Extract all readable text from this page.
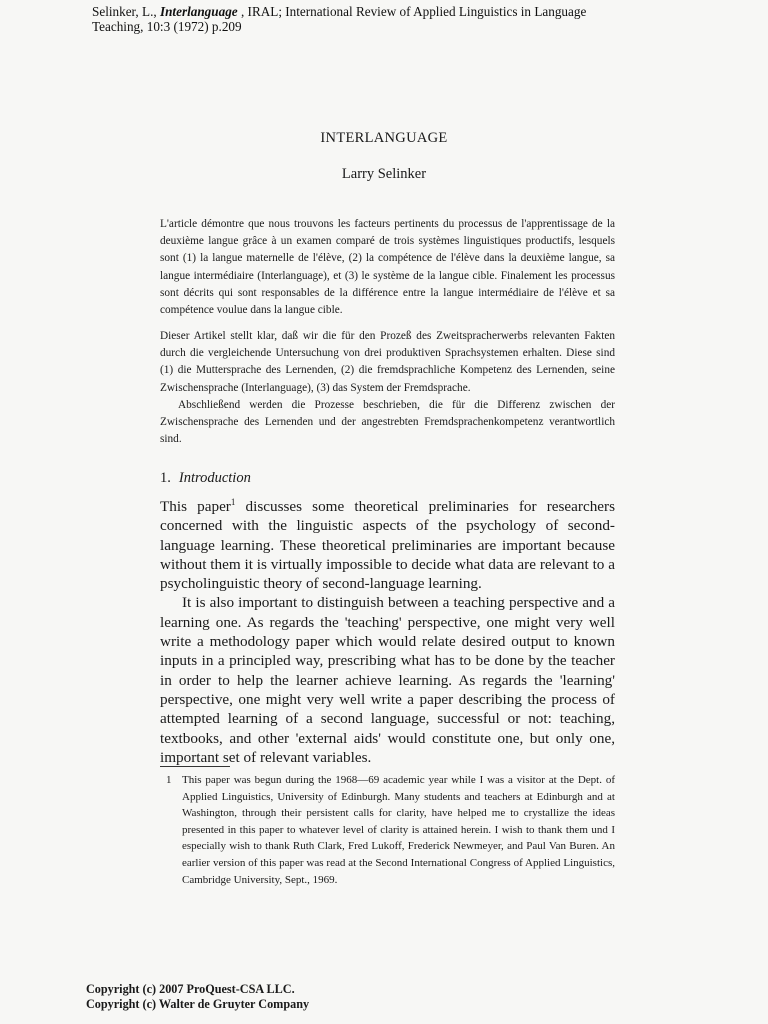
Selinker, L., Interlanguage , IRAL; International Review of Applied Linguistics in Language
Teaching, 10:3 (1972) p.209
INTERLANGUAGE
Larry Selinker

L'article démontre que nous trouvons les facteurs pertinents du processus de l'apprentissage de la deuxième langue grâce à un examen comparé de trois systèmes linguistiques productifs, lesquels sont (1) la langue maternelle de l'élève, (2) la compétence de l'élève dans la deuxième langue, sa langue intermédiaire (Interlanguage), et (3) le système de la langue cible. Finalement les processus sont décrits qui sont responsables de la différence entre la langue intermédiaire de l'élève et sa compétence voulue dans la langue cible.

Dieser Artikel stellt klar, daß wir die für den Prozeß des Zweitspracherwerbs relevanten Fakten durch die vergleichende Untersuchung von drei produktiven Sprachsystemen erhalten. Diese sind (1) die Muttersprache des Lernenden, (2) die fremdsprachliche Kompetenz des Lernenden, seine Zwischensprache (Interlanguage), (3) das System der Fremdsprache.

Abschließend werden die Prozesse beschrieben, die für die Differenz zwischen der Zwischensprache des Lernenden und der angestrebten Fremdsprachenkompetenz verantwortlich sind.

1. Introduction

This paper$^1$ discusses some theoretical preliminaries for researchers concerned with the linguistic aspects of the psychology of second-language learning. These theoretical preliminaries are important because without them it is virtually impossible to decide what data are relevant to a psycholinguistic theory of second-language learning.

It is also important to distinguish between a teaching perspective and a learning one. As regards the 'teaching' perspective, one might very well write a methodology paper which would relate desired output to known inputs in a principled way, prescribing what has to be done by the teacher in order to help the learner achieve learning. As regards the 'learning' perspective, one might very well write a paper describing the process of attempted learning of a second language, successful or not: teaching, textbooks, and other 'external aids' would constitute one, but only one, important set of relevant variables.

1 This paper was begun during the 1968—69 academic year while I was a visitor at the Dept. of Applied Linguistics, University of Edinburgh. Many students and teachers at Edinburgh and at Washington, through their persistent calls for clarity, have helped me to crystallize the ideas presented in this paper to whatever level of clarity is attained herein. I wish to thank them und I especially wish to thank Ruth Clark, Fred Lukoff, Frederick Newmeyer, and Paul Van Buren. An earlier version of this paper was read at the Second International Congress of Applied Linguistics, Cambridge University, Sept., 1969.
Copyright (c) 2007 ProQuest-CSA LLC.
Copyright (c) Walter de Gruyter Company
